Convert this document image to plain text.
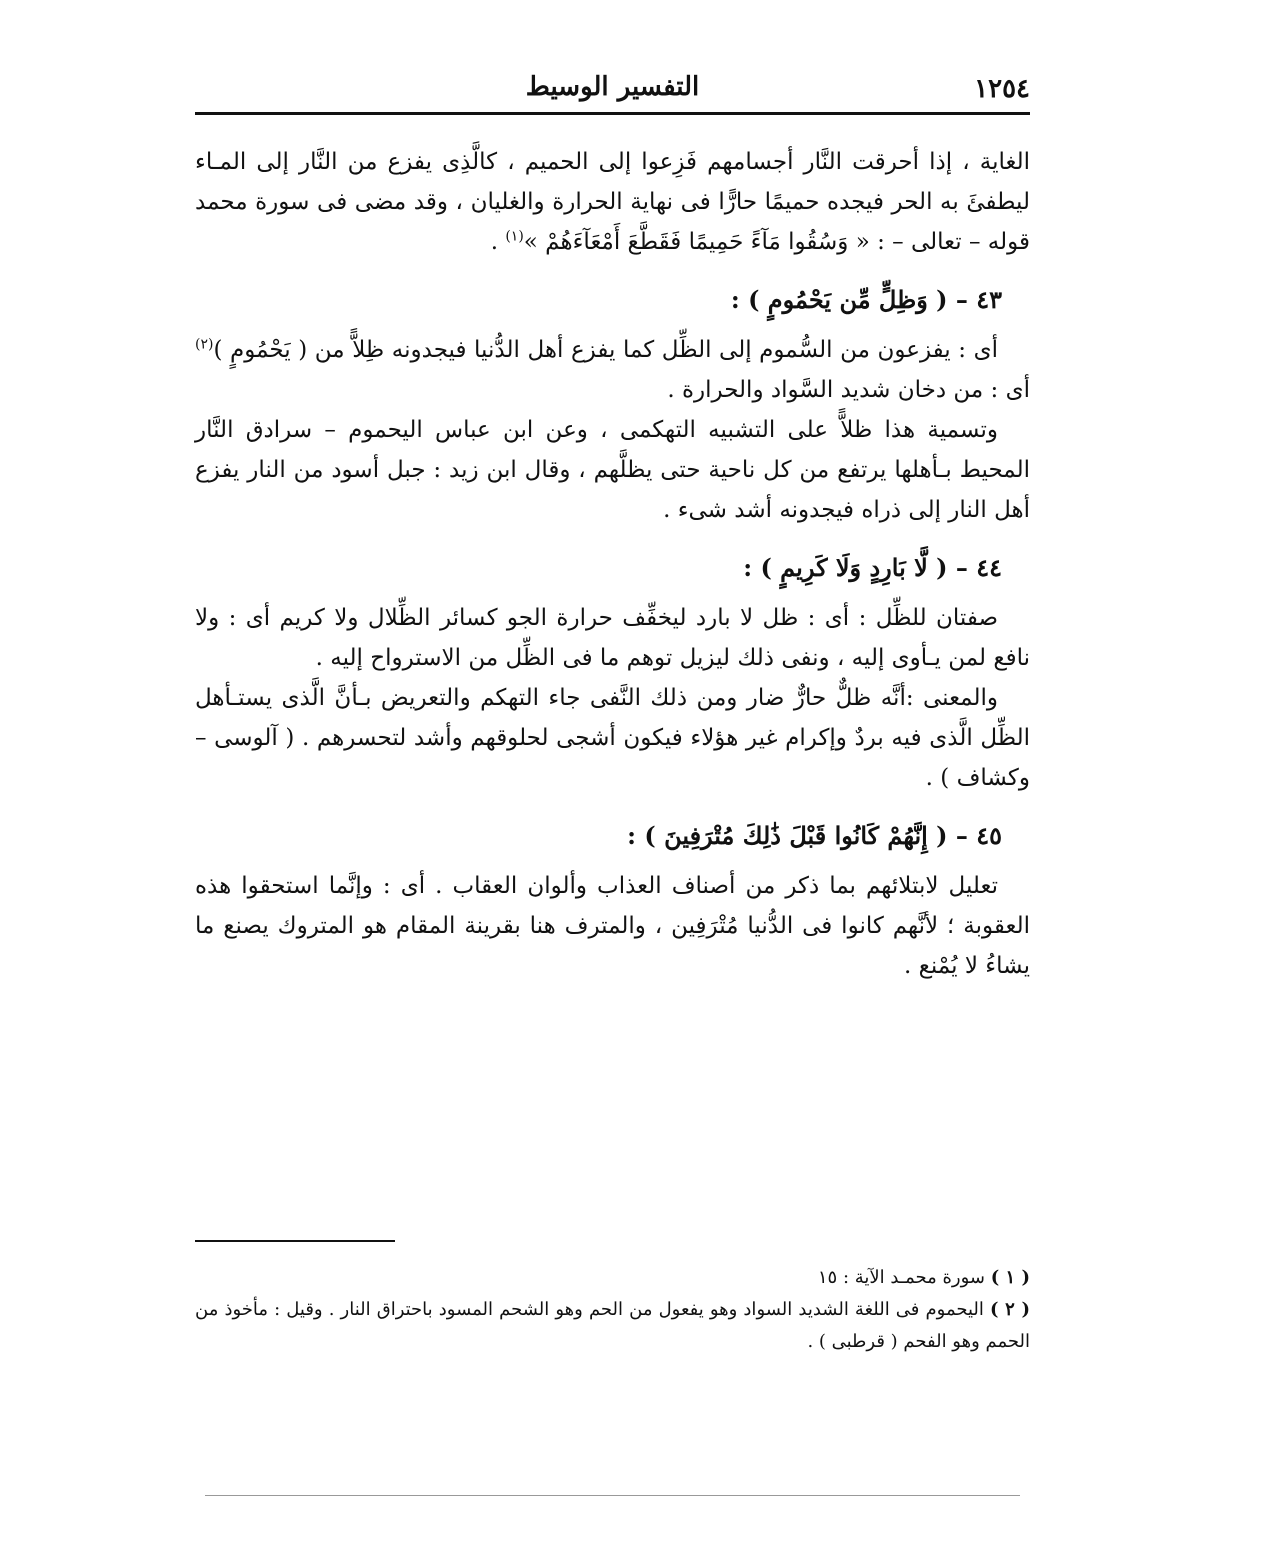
١٢٥٤
التفسير الوسيط

الغاية ، إذا أحرقت النَّار أجسامهم فَزِعوا إلى الحميم ، كالَّذِى يفزع من النَّار إلى المـاء ليطفئَ به الحر فيجده حميمًا حارًّا فى نهاية الحرارة والغليان ، وقد مضى فى سورة محمد قوله – تعالى – : « وَسُقُوا مَآءً حَمِيمًا فَقَطَّعَ أَمْعَآءَهُمْ »$^{(١)}$ .

٤٣ – ( وَظِلٍّ مِّن يَحْمُومٍ ) :

أى : يفزعون من السُّموم إلى الظِّل كما يفزع أهل الدُّنيا فيجدونه ظِلاًّ من ( يَحْمُومٍ )$^{(٢)}$ أى : من دخان شديد السَّواد والحرارة .

وتسمية هذا ظلاًّ على التشبيه التهكمى ، وعن ابن عباس اليحموم – سرادق النَّار المحيط بـأهلها يرتفع من كل ناحية حتى يظلَّهم ، وقال ابن زيد : جبل أسود من النار يفزع أهل النار إلى ذراه فيجدونه أشد شىء .

٤٤ – ( لَّا بَارِدٍ وَلَا كَرِيمٍ ) :

صفتان للظِّل : أى : ظل لا بارد ليخفِّف حرارة الجو كسائر الظِّلال ولا كريم أى : ولا نافع لمن يـأوى إليه ، ونفى ذلك ليزيل توهم ما فى الظِّل من الاسترواح إليه .

والمعنى :أنَّه ظلٌّ حارٌّ ضار ومن ذلك النَّفى جاء التهكم والتعريض بـأنَّ الَّذى يستـأهل الظِّل الَّذى فيه بردٌ وإكرام غير هؤلاء فيكون أشجى لحلوقهم وأشد لتحسرهم . ( آلوسى – وكشاف ) .

٤٥ – ( إِنَّهُمْ كَانُوا قَبْلَ ذَٰلِكَ مُتْرَفِينَ ) :

تعليل لابتلائهم بما ذكر من أصناف العذاب وألوان العقاب . أى : وإنَّما استحقوا هذه العقوبة ؛ لأنَّهم كانوا فى الدُّنيا مُتْرَفِين ، والمترف هنا بقرينة المقام هو المتروك يصنع ما يشاءُ لا يُمْنع .

( ١ ) سورة محمـد الآية : ١٥

( ٢ ) اليحموم فى اللغة الشديد السواد وهو يفعول من الحم وهو الشحم المسود باحتراق النار . وقيل : مأخوذ من الحمم وهو الفحم ( قرطبى ) .
